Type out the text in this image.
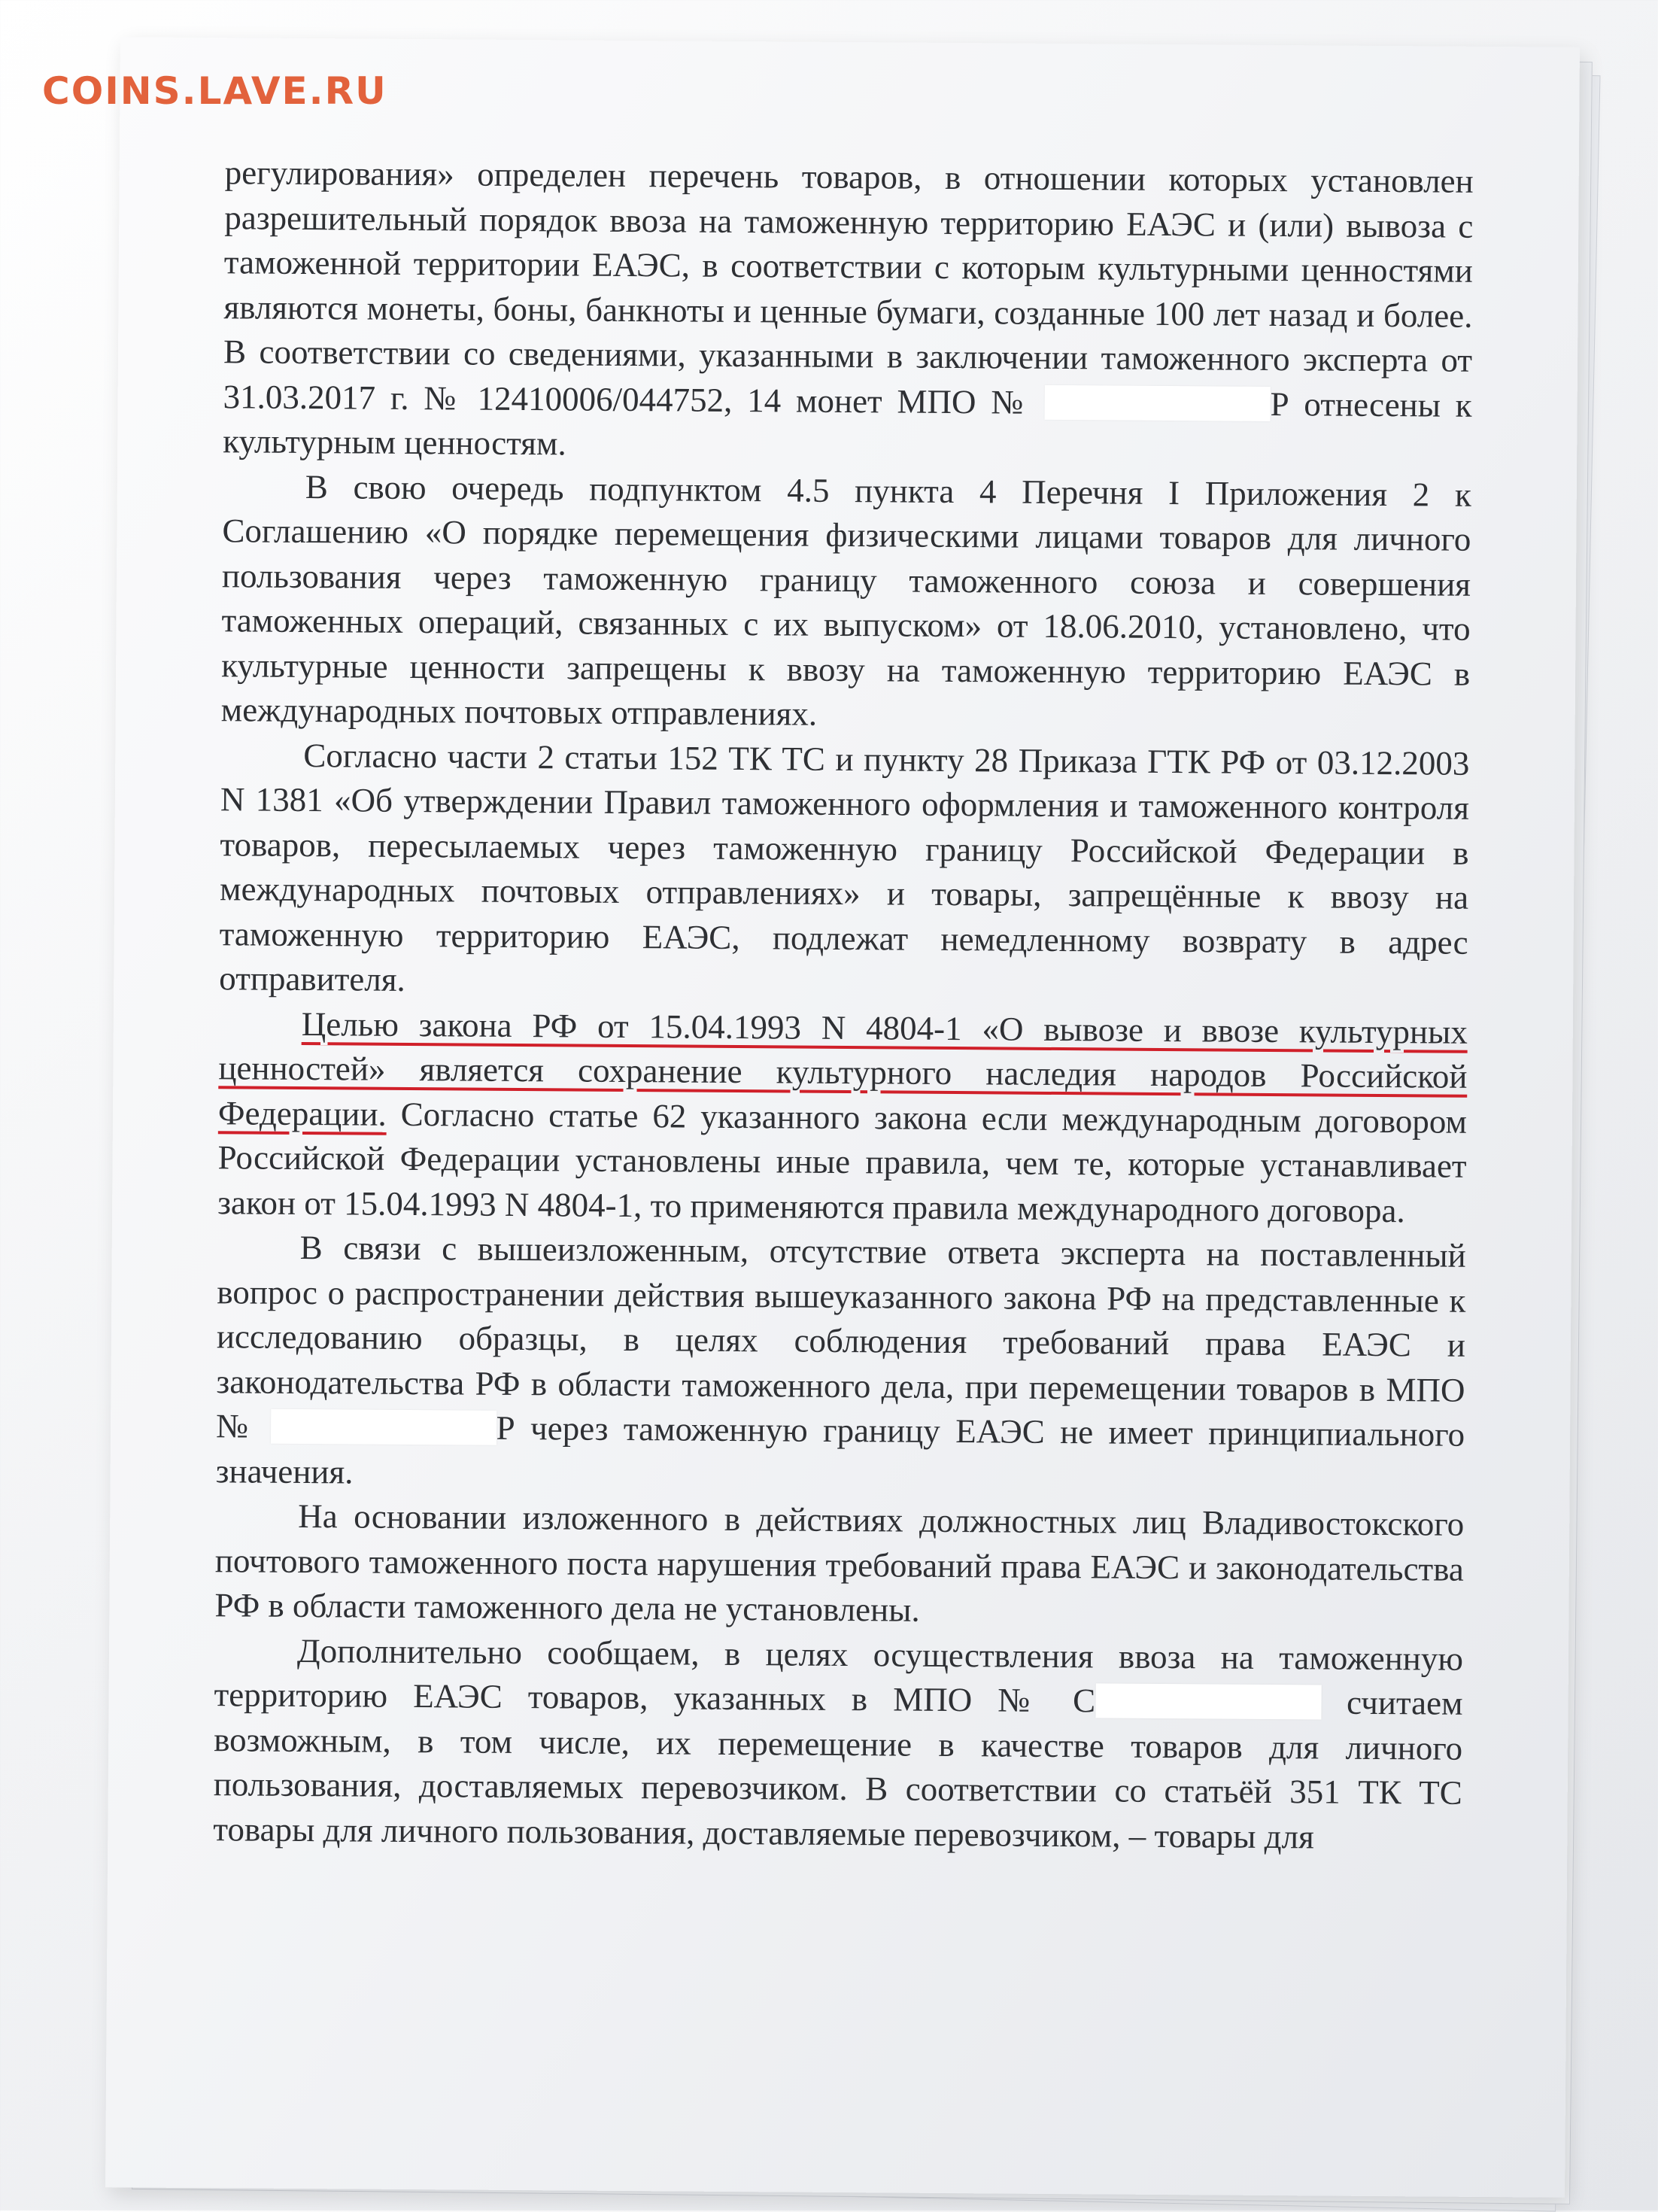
COINS.LAVE.RU

регулирования» определен перечень товаров, в отношении которых установлен разрешительный порядок ввоза на таможенную территорию ЕАЭС и (или) вывоза с таможенной территории ЕАЭС, в соответствии с которым культурными ценностями являются монеты, боны, банкноты и ценные бумаги, созданные 100 лет назад и более. В соответствии со сведениями, указанными в заключении таможенного эксперта от 31.03.2017 г. № 12410006/044752, 14 монет МПО №	Р отнесены к культурным ценностям.

В свою очередь подпунктом 4.5 пункта 4 Перечня I Приложения 2 к Соглашению «О порядке перемещения физическими лицами товаров для личного пользования через таможенную границу таможенного союза и совершения таможенных операций, связанных с их выпуском» от 18.06.2010, установлено, что культурные ценности запрещены к ввозу на таможенную территорию ЕАЭС в международных почтовых отправлениях.

Согласно части 2 статьи 152 ТК ТС и пункту 28 Приказа ГТК РФ от 03.12.2003 N 1381 «Об утверждении Правил таможенного оформления и таможенного контроля товаров, пересылаемых через таможенную границу Российской Федерации в международных почтовых отправлениях» и товары, запрещённые к ввозу на таможенную территорию ЕАЭС, подлежат немедленному возврату в адрес отправителя.

Целью закона РФ от 15.04.1993 N 4804-1 «О вывозе и ввозе культурных ценностей» является сохранение культурного наследия народов Российской Федерации. Согласно статье 62 указанного закона если международным договором Российской Федерации установлены иные правила, чем те, которые устанавливает закон от 15.04.1993 N 4804-1, то применяются правила международного договора.

В связи с вышеизложенным, отсутствие ответа эксперта на поставленный вопрос о распространении действия вышеуказанного закона РФ на представленные к исследованию образцы, в целях соблюдения требований права ЕАЭС и законодательства РФ в области таможенного дела, при перемещении товаров в МПО №	Р через таможенную границу ЕАЭС не имеет принципиального значения.

На основании изложенного в действиях должностных лиц Владивостокского почтового таможенного поста нарушения требований права ЕАЭС и законодательства РФ в области таможенного дела не установлены.

Дополнительно сообщаем, в целях осуществления ввоза на таможенную территорию ЕАЭС товаров, указанных в МПО № С	считаем возможным, в том числе, их перемещение в качестве товаров для личного пользования, доставляемых перевозчиком. В соответствии со статьёй 351 ТК ТС товары для личного пользования, доставляемые перевозчиком, – товары для
